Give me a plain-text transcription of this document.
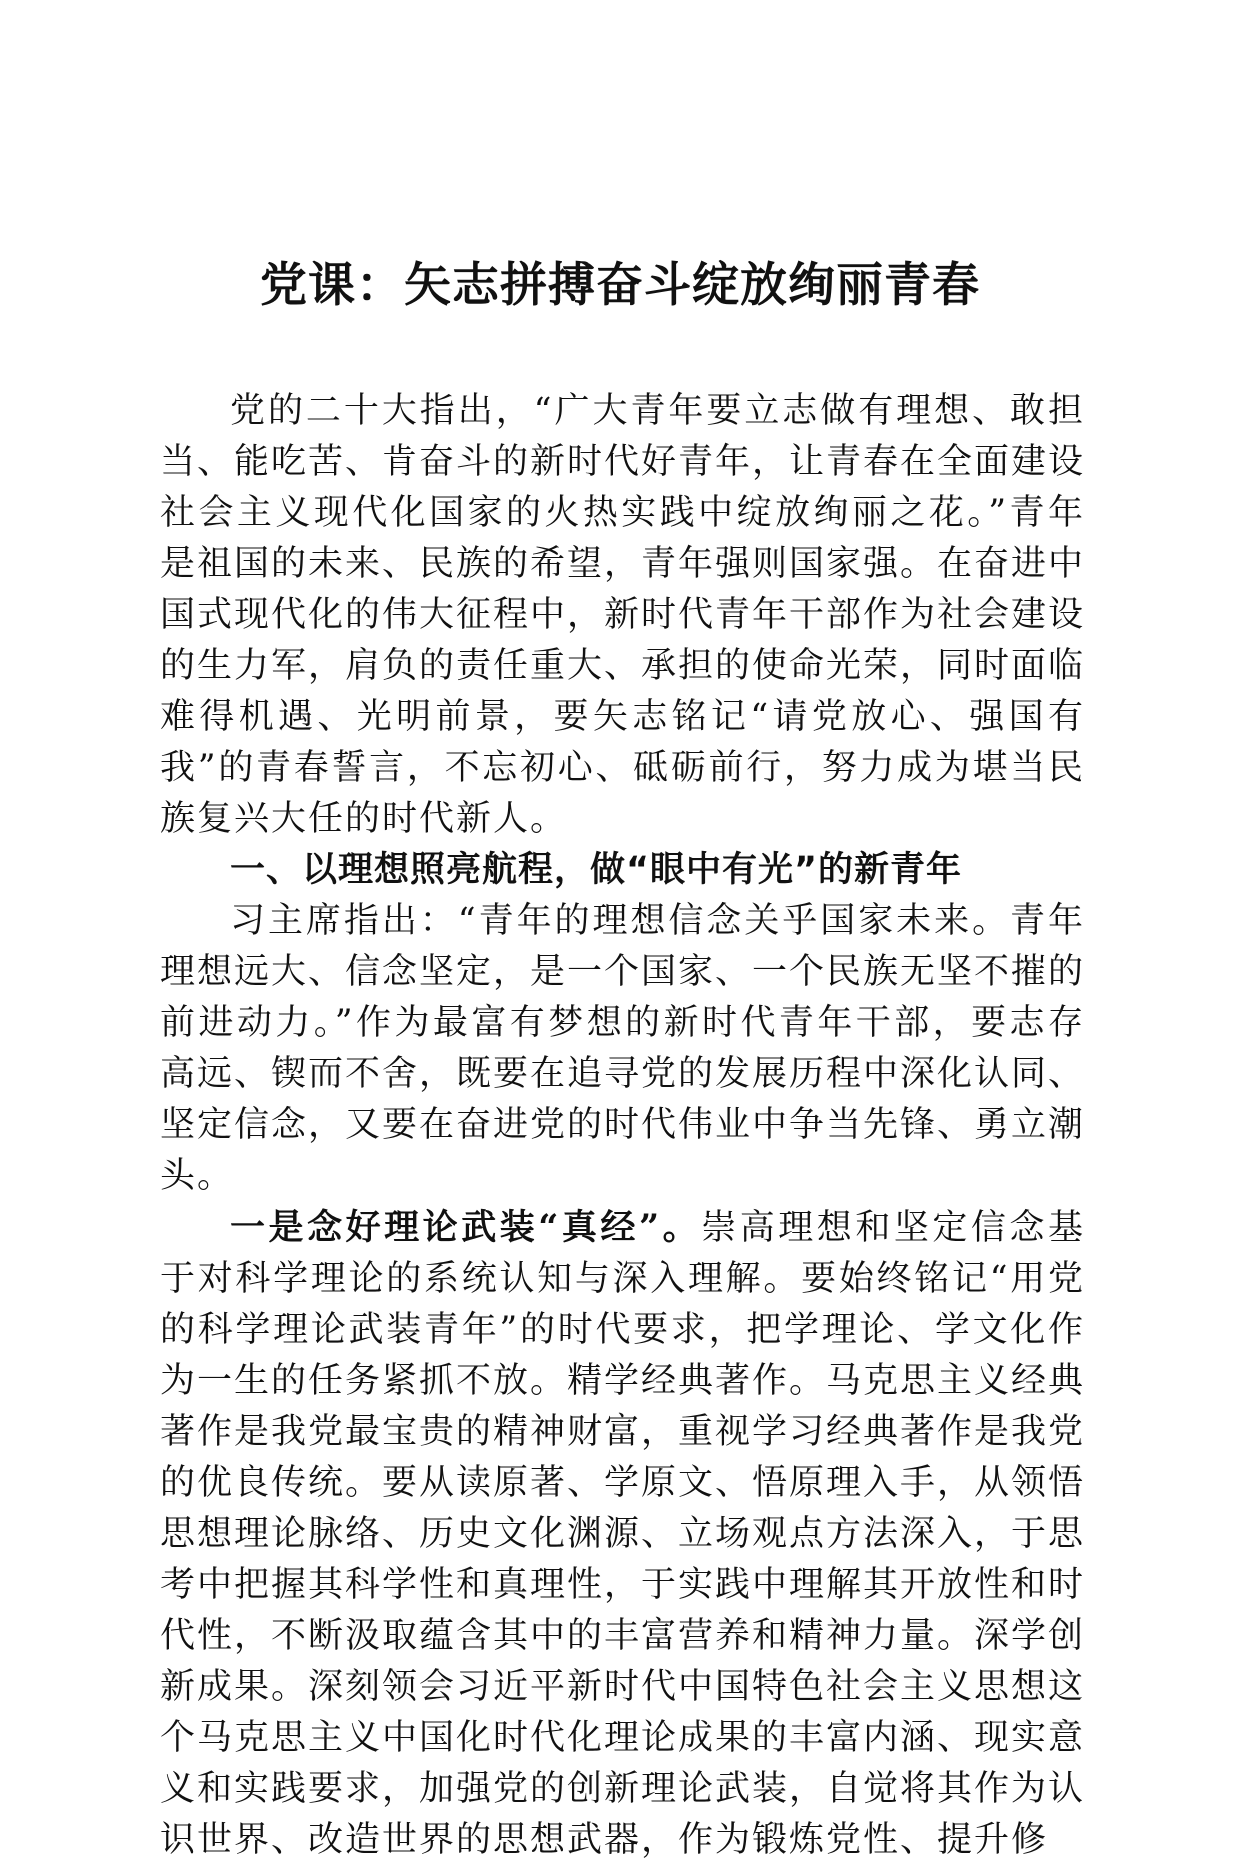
党课：矢志拼搏奋斗绽放绚丽青春

党的二十大指出，“广大青年要立志做有理想、敢担当、能吃苦、肯奋斗的新时代好青年，让青春在全面建设社会主义现代化国家的火热实践中绽放绚丽之花。”青年是祖国的未来、民族的希望，青年强则国家强。在奋进中国式现代化的伟大征程中，新时代青年干部作为社会建设的生力军，肩负的责任重大、承担的使命光荣，同时面临难得机遇、光明前景，要矢志铭记“请党放心、强国有我”的青春誓言，不忘初心、砥砺前行，努力成为堪当民族复兴大任的时代新人。

一、以理想照亮航程，做“眼中有光”的新青年

习主席指出：“青年的理想信念关乎国家未来。青年理想远大、信念坚定，是一个国家、一个民族无坚不摧的前进动力。”作为最富有梦想的新时代青年干部，要志存高远、锲而不舍，既要在追寻党的发展历程中深化认同、坚定信念，又要在奋进党的时代伟业中争当先锋、勇立潮头。

一是念好理论武装“真经”。崇高理想和坚定信念基于对科学理论的系统认知与深入理解。要始终铭记“用党的科学理论武装青年”的时代要求，把学理论、学文化作为一生的任务紧抓不放。精学经典著作。马克思主义经典著作是我党最宝贵的精神财富，重视学习经典著作是我党的优良传统。要从读原著、学原文、悟原理入手，从领悟思想理论脉络、历史文化渊源、立场观点方法深入，于思考中把握其科学性和真理性，于实践中理解其开放性和时代性，不断汲取蕴含其中的丰富营养和精神力量。深学创新成果。深刻领会习近平新时代中国特色社会主义思想这个马克思主义中国化时代化理论成果的丰富内涵、现实意义和实践要求，加强党的创新理论武装，自觉将其作为认识世界、改造世界的思想武器，作为锻炼党性、提升修
